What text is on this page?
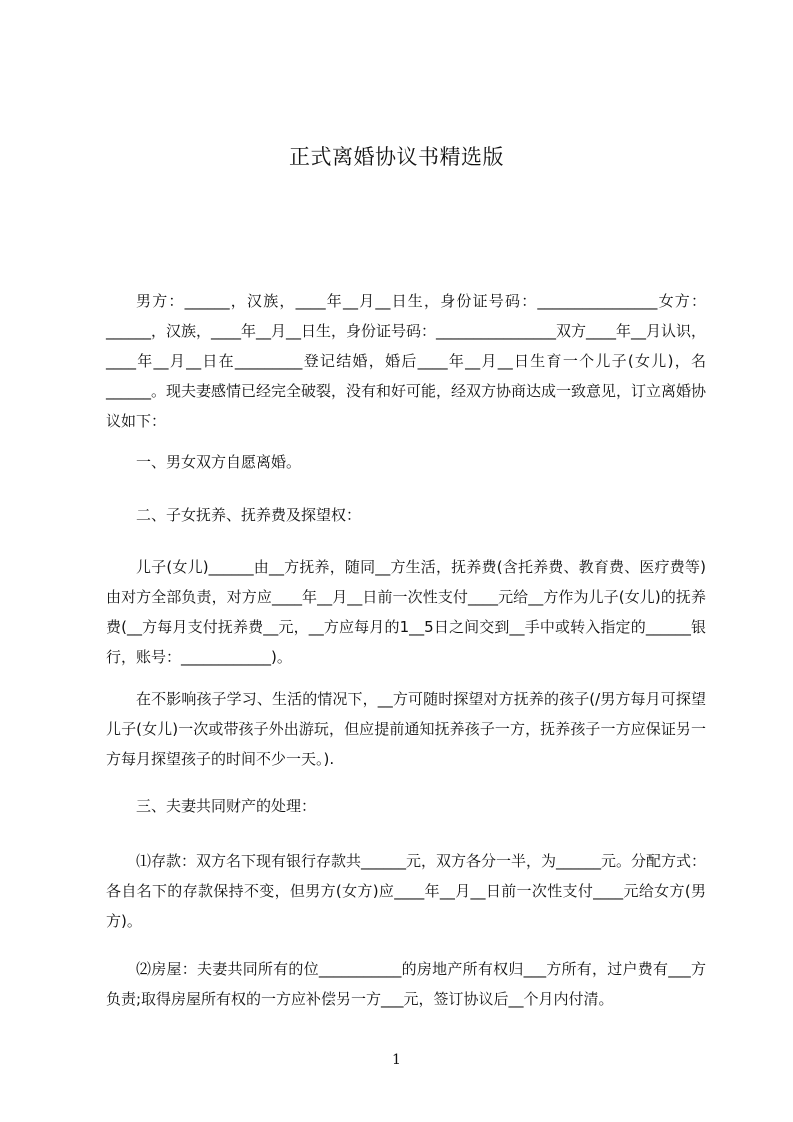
正式离婚协议书精选版

男方：______，汉族，____年__月__日生，身份证号码：________________女方：______，汉族，____年__月__日生，身份证号码：________________双方____年__月认识，____年__月__日在_________登记结婚，婚后____年__月__日生育一个儿子(女儿)，名______。现夫妻感情已经完全破裂，没有和好可能，经双方协商达成一致意见，订立离婚协议如下：

一、男女双方自愿离婚。

二、子女抚养、抚养费及探望权：

儿子(女儿)______由__方抚养，随同__方生活，抚养费(含托养费、教育费、医疗费等)由对方全部负责，对方应____年__月__日前一次性支付____元给__方作为儿子(女儿)的抚养费(__方每月支付抚养费__元，__方应每月的1__5日之间交到__手中或转入指定的______银行，账号：____________)。

在不影响孩子学习、生活的情况下，__方可随时探望对方抚养的孩子(/男方每月可探望儿子(女儿)一次或带孩子外出游玩，但应提前通知抚养孩子一方，抚养孩子一方应保证另一方每月探望孩子的时间不少一天。).

三、夫妻共同财产的处理：

⑴存款：双方名下现有银行存款共______元，双方各分一半，为______元。分配方式：各自名下的存款保持不变，但男方(女方)应____年__月__日前一次性支付____元给女方(男方)。

⑵房屋：夫妻共同所有的位___________的房地产所有权归___方所有，过户费有___方负责;取得房屋所有权的一方应补偿另一方___元，签订协议后__个月内付清。

1
